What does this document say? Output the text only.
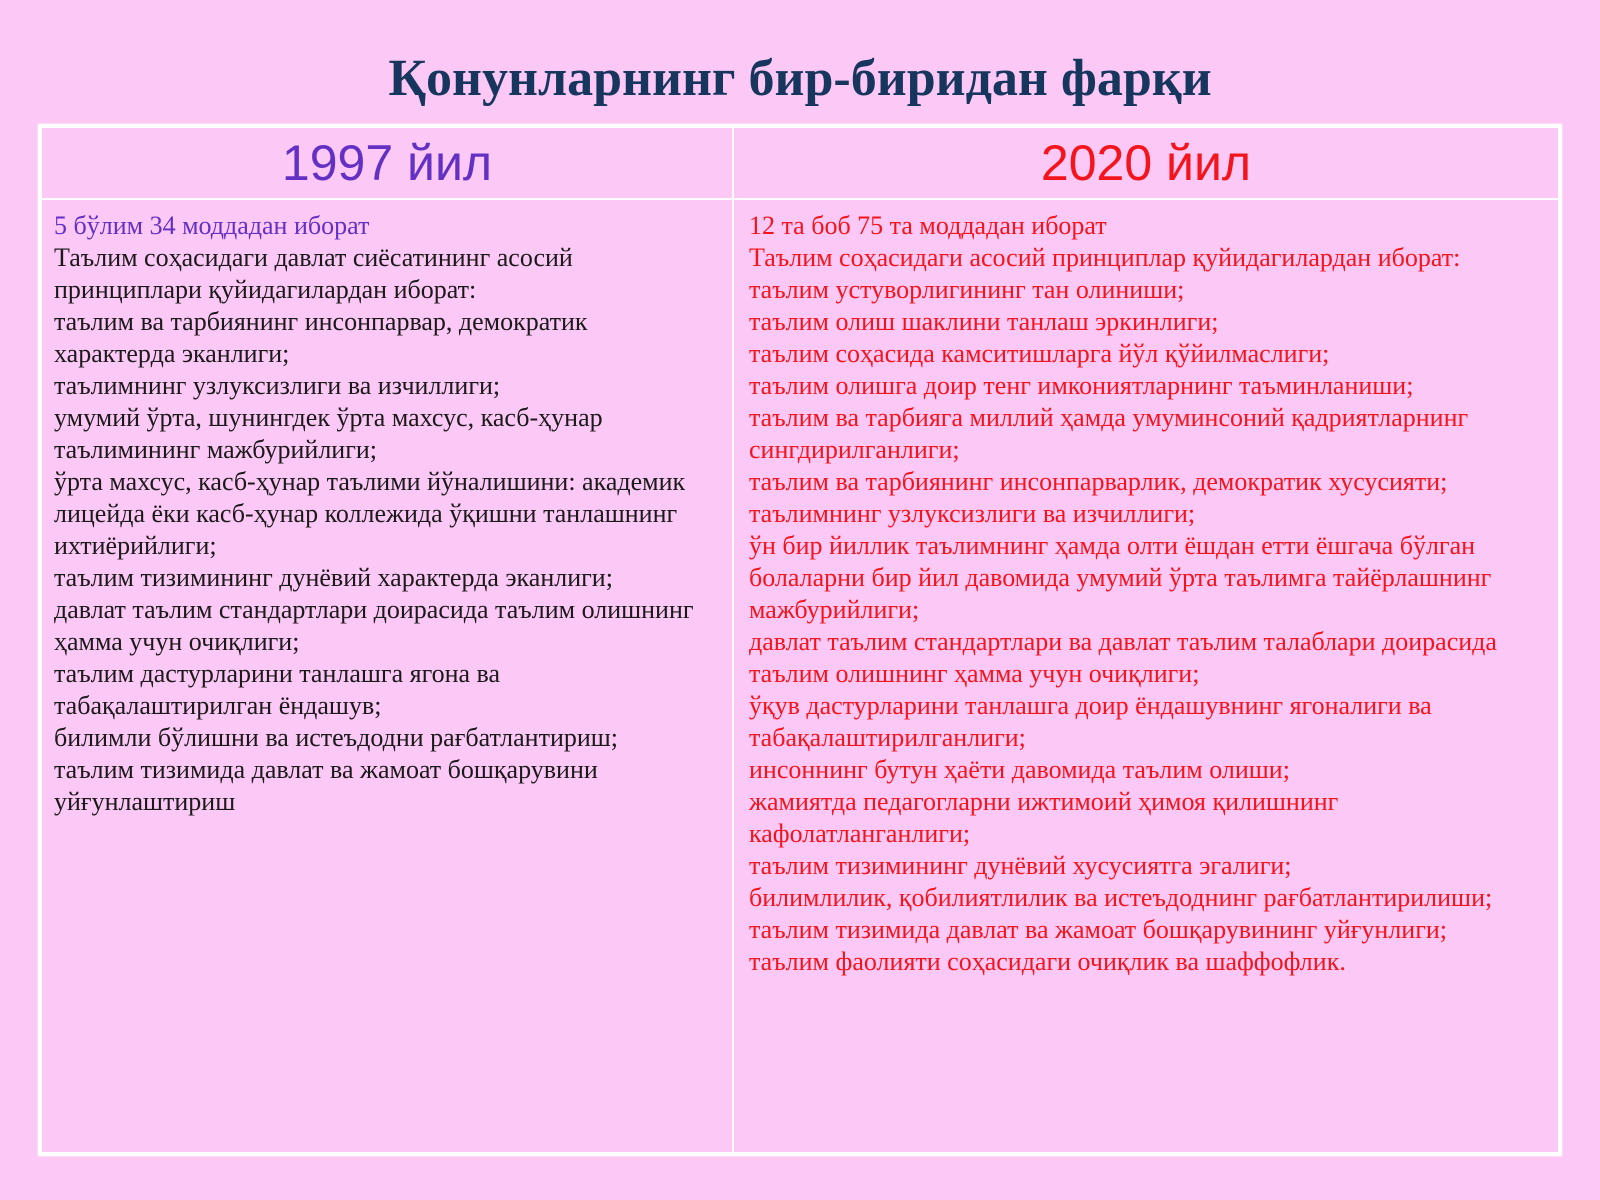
Қонунларнинг бир-биридан фарқи
1997 йил	2020 йил
5 бўлим 34 моддадан иборат
Таълим соҳасидаги давлат сиёсатининг асосий
принциплари қуйидагилардан иборат:
таълим ва тарбиянинг инсонпарвар, демократик
характерда эканлиги;
таълимнинг узлуксизлиги ва изчиллиги;
умумий ўрта, шунингдек ўрта махсус, касб-ҳунар
таълимининг мажбурийлиги;
ўрта махсус, касб-ҳунар таълими йўналишини: академик
лицейда ёки касб-ҳунар коллежида ўқишни танлашнинг
ихтиёрийлиги;
таълим тизимининг дунёвий характерда эканлиги;
давлат таълим стандартлари доирасида таълим олишнинг
ҳамма учун очиқлиги;
таълим дастурларини танлашга ягона ва
табақалаштирилган ёндашув;
билимли бўлишни ва истеъдодни рағбатлантириш;
таълим тизимида давлат ва жамоат бошқарувини
уйғунлаштириш
12 та боб 75 та моддадан иборат
Таълим соҳасидаги асосий принциплар қуйидагилардан иборат:
таълим устуворлигининг тан олиниши;
таълим олиш шаклини танлаш эркинлиги;
таълим соҳасида камситишларга йўл қўйилмаслиги;
таълим олишга доир тенг имкониятларнинг таъминланиши;
таълим ва тарбияга миллий ҳамда умуминсоний қадриятларнинг
сингдирилганлиги;
таълим ва тарбиянинг инсонпарварлик, демократик хусусияти;
таълимнинг узлуксизлиги ва изчиллиги;
ўн бир йиллик таълимнинг ҳамда олти ёшдан етти ёшгача бўлган
болаларни бир йил давомида умумий ўрта таълимга тайёрлашнинг
мажбурийлиги;
давлат таълим стандартлари ва давлат таълим талаблари доирасида
таълим олишнинг ҳамма учун очиқлиги;
ўқув дастурларини танлашга доир ёндашувнинг ягоналиги ва
табақалаштирилганлиги;
инсоннинг бутун ҳаёти давомида таълим олиши;
жамиятда педагогларни ижтимоий ҳимоя қилишнинг
кафолатланганлиги;
таълим тизимининг дунёвий хусусиятга эгалиги;
билимлилик, қобилиятлилик ва истеъдоднинг рағбатлантирилиши;
таълим тизимида давлат ва жамоат бошқарувининг уйғунлиги;
таълим фаолияти соҳасидаги очиқлик ва шаффофлик.
